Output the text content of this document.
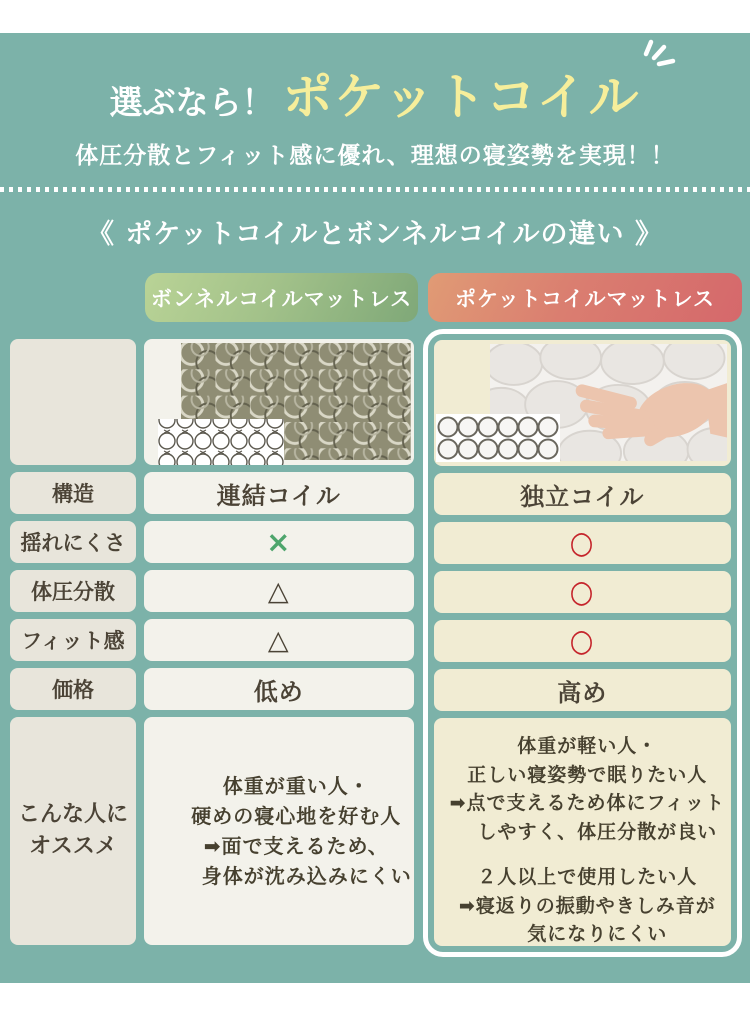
選ぶなら！ ポケットコイル
体圧分散とフィット感に優れ、理想の寝姿勢を実現！！
《 ポケットコイルとボンネルコイルの違い 》
ボンネルコイルマットレス	ポケットコイルマットレス
構造
揺れにくさ
体圧分散
フィット感
価格
こんな人に
オススメ
連結コイル
×
△
△
低め
体重が重い人・
硬めの寝心地を好む人
➡面で支えるため、
　身体が沈み込みにくい
独立コイル
○
○
○
高め
体重が軽い人・
正しい寝姿勢で眠りたい人
➡点で支えるため体にフィット
　しやすく、体圧分散が良い
２人以上で使用したい人
➡寝返りの振動やきしみ音が
　気になりにくい
